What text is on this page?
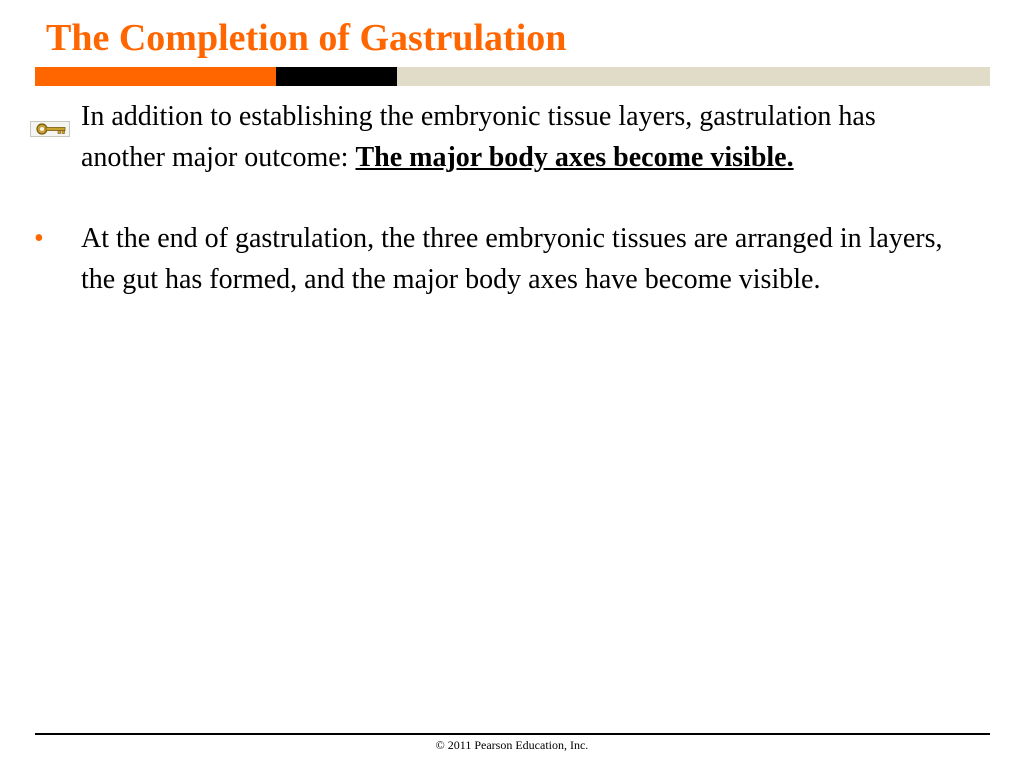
The Completion of Gastrulation
In addition to establishing the embryonic tissue layers, gastrulation has another major outcome: The major body axes become visible.
• At the end of gastrulation, the three embryonic tissues are arranged in layers, the gut has formed, and the major body axes have become visible.
© 2011 Pearson Education, Inc.
